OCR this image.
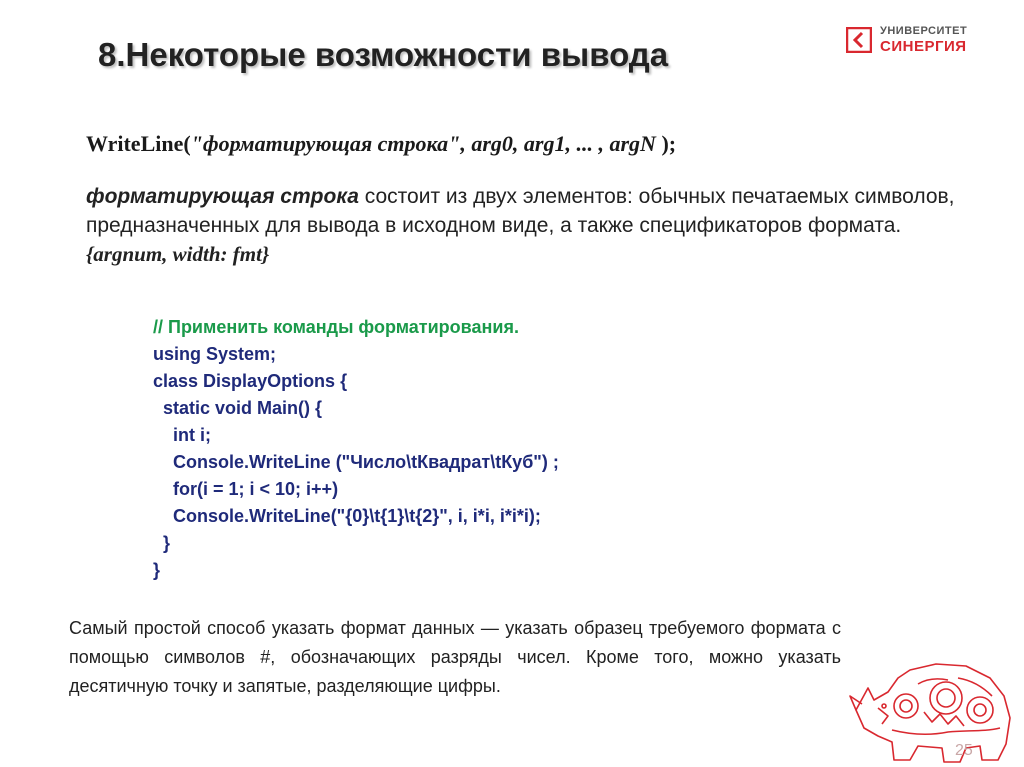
8.Некоторые возможности вывода
УНИВЕРСИТЕТ
СИНЕРГИЯ
WriteLine("форматирующая строка", arg0, arg1, ... , argN );
форматирующая строка состоит из двух элементов: обычных печатаемых символов, предназначенных для вывода в исходном виде, а также спецификаторов формата.
{argnum, width: fmt}
// Применить команды форматирования.
using System;
class DisplayOptions {
static void Main() {
int i;
Console.WriteLine ("Число\tКвадрат\tКуб") ;
for(i = 1; i < 10; i++)
Console.WriteLine("{0}\t{1}\t{2}", i, i*i, i*i*i);
}
}
Самый простой способ указать формат данных — указать образец требуемого формата с помощью символов #, обозначающих разряды чисел. Кроме того, можно указать десятичную точку и запятые, разделяющие цифры.
25
